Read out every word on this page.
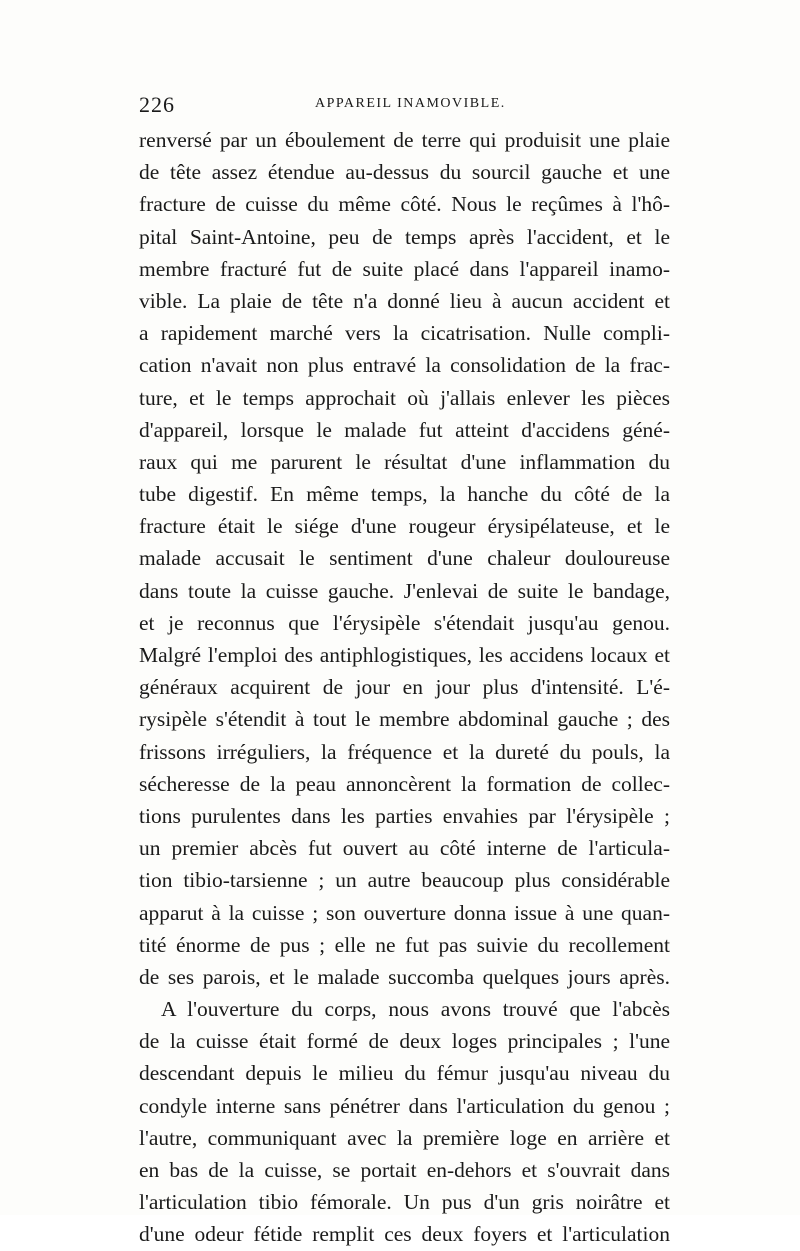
226	APPAREIL INAMOVIBLE.
renversé par un éboulement de terre qui produisit une plaie
de tête assez étendue au-dessus du sourcil gauche et une
fracture de cuisse du même côté. Nous le reçûmes à l'hô-
pital Saint-Antoine, peu de temps après l'accident, et le
membre fracturé fut de suite placé dans l'appareil inamo-
vible. La plaie de tête n'a donné lieu à aucun accident et
a rapidement marché vers la cicatrisation. Nulle compli-
cation n'avait non plus entravé la consolidation de la frac-
ture, et le temps approchait où j'allais enlever les pièces
d'appareil, lorsque le malade fut atteint d'accidens géné-
raux qui me parurent le résultat d'une inflammation du
tube digestif. En même temps, la hanche du côté de la
fracture était le siége d'une rougeur érysipélateuse, et le
malade accusait le sentiment d'une chaleur douloureuse
dans toute la cuisse gauche. J'enlevai de suite le bandage,
et je reconnus que l'érysipèle s'étendait jusqu'au genou.
Malgré l'emploi des antiphlogistiques, les accidens locaux et
généraux acquirent de jour en jour plus d'intensité. L'é-
rysipèle s'étendit à tout le membre abdominal gauche ; des
frissons irréguliers, la fréquence et la dureté du pouls, la
sécheresse de la peau annoncèrent la formation de collec-
tions purulentes dans les parties envahies par l'érysipèle ;
un premier abcès fut ouvert au côté interne de l'articula-
tion tibio-tarsienne ; un autre beaucoup plus considérable
apparut à la cuisse ; son ouverture donna issue à une quan-
tité énorme de pus ; elle ne fut pas suivie du recollement
de ses parois, et le malade succomba quelques jours après.
A l'ouverture du corps, nous avons trouvé que l'abcès
de la cuisse était formé de deux loges principales ; l'une
descendant depuis le milieu du fémur jusqu'au niveau du
condyle interne sans pénétrer dans l'articulation du genou ;
l'autre, communiquant avec la première loge en arrière et
en bas de la cuisse, se portait en-dehors et s'ouvrait dans
l'articulation tibio fémorale. Un pus d'un gris noirâtre et
d'une odeur fétide remplit ces deux foyers et l'articulation
